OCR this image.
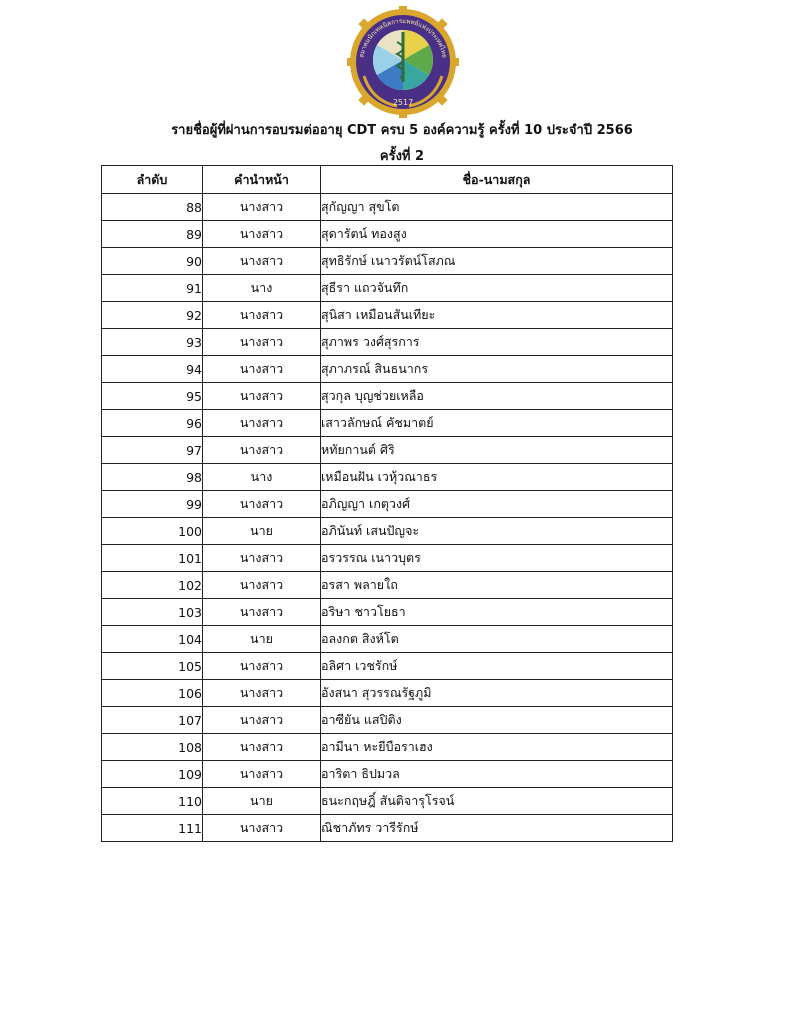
สมาคมนักเทคนิคการแพทย์แห่งประเทศไทย
2517
รายชื่อผู้ที่ผ่านการอบรมต่ออายุ CDT ครบ 5 องค์ความรู้ ครั้งที่ 10 ประจำปี 2566
ครั้งที่ 2
ลำดับ	คำนำหน้า	ชื่อ-นามสกุล
88	นางสาว	สุกัญญา สุขโต
89	นางสาว	สุดารัตน์ ทองสูง
90	นางสาว	สุทธิรักษ์ เนาวรัตน์โสภณ
91	นาง	สุธีรา แถวจันทึก
92	นางสาว	สุนิสา เหมือนสันเทียะ
93	นางสาว	สุภาพร วงศ์สุรการ
94	นางสาว	สุภาภรณ์ สินธนากร
95	นางสาว	สุวกุล บุญช่วยเหลือ
96	นางสาว	เสาวลักษณ์ คัชมาตย์
97	นางสาว	หทัยกานต์ ศิริ
98	นาง	เหมือนฝัน เวหุ้วณาธร
99	นางสาว	อภิญญา เกตุวงศ์
100	นาย	อภินันท์ เสนปัญจะ
101	นางสาว	อรวรรณ เนาวบุตร
102	นางสาว	อรสา พลายใถ
103	นางสาว	อริษา ชาวโยธา
104	นาย	อลงกต สิงห์โต
105	นางสาว	อลิศา เวชรักษ์
106	นางสาว	อังสนา สุวรรณรัฐภูมิ
107	นางสาว	อาซียัน แสปิติง
108	นางสาว	อามีนา หะยีบือราเฮง
109	นางสาว	อาริตา ธิปมวล
110	นาย	ธนะกฤษฎิ์ สันติจารุโรจน์
111	นางสาว	ณิชาภัทร วารีรักษ์
